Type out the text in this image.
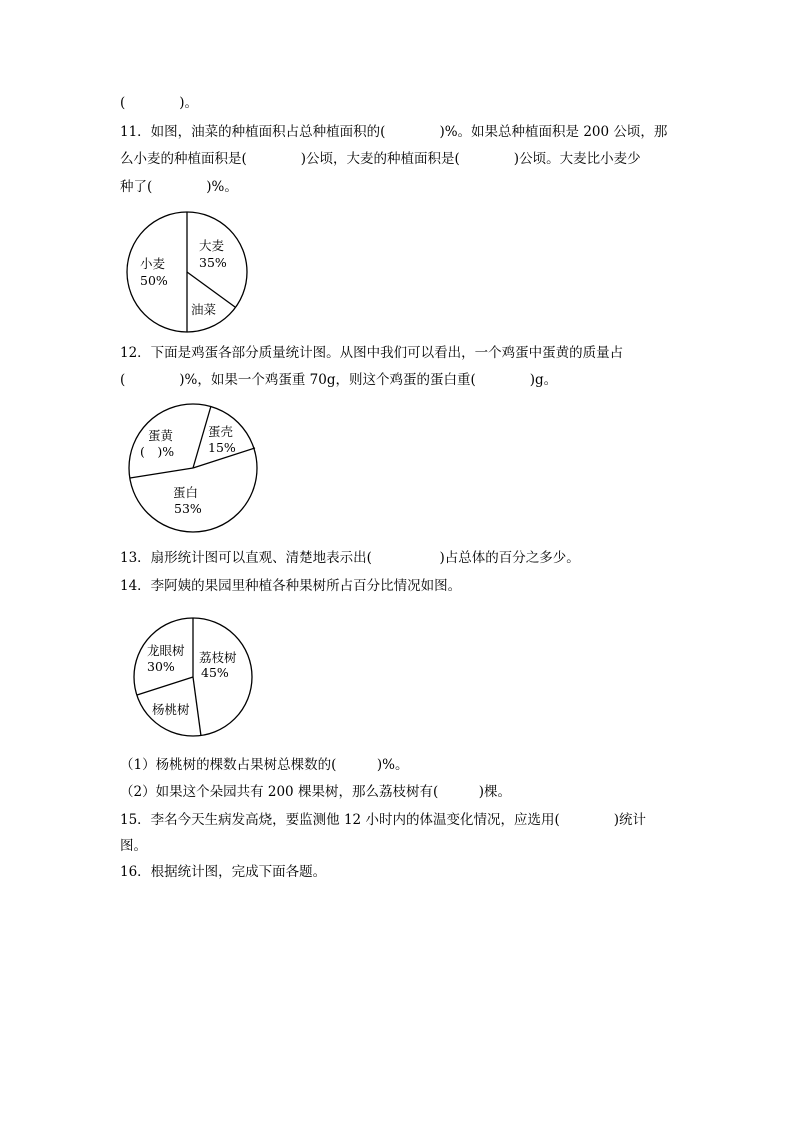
(　　　　)。
11．如图，油菜的种植面积占总种植面积的(　　　　)%。如果总种植面积是 200 公顷，那
么小麦的种植面积是(　　　　)公顷，大麦的种植面积是(　　　　)公顷。大麦比小麦少
种了(　　　　)%。
大麦
35%
油菜
小麦
50%
12．下面是鸡蛋各部分质量统计图。从图中我们可以看出，一个鸡蛋中蛋黄的质量占
(　　　　)%，如果一个鸡蛋重 70g，则这个鸡蛋的蛋白重(　　　　)g。
蛋壳
15%
蛋白
53%
蛋黄
(　)%
13．扇形统计图可以直观、清楚地表示出(　　　　　)占总体的百分之多少。
14．李阿姨的果园里种植各种果树所占百分比情况如图。
荔枝树
45%
杨桃树
龙眼树
30%
（1）杨桃树的棵数占果树总棵数的(　　　)%。
（2）如果这个朵园共有 200 棵果树，那么荔枝树有(　　　)棵。
15．李名今天生病发高烧，要监测他 12 小时内的体温变化情况，应选用(　　　　)统计
图。
16．根据统计图，完成下面各题。
